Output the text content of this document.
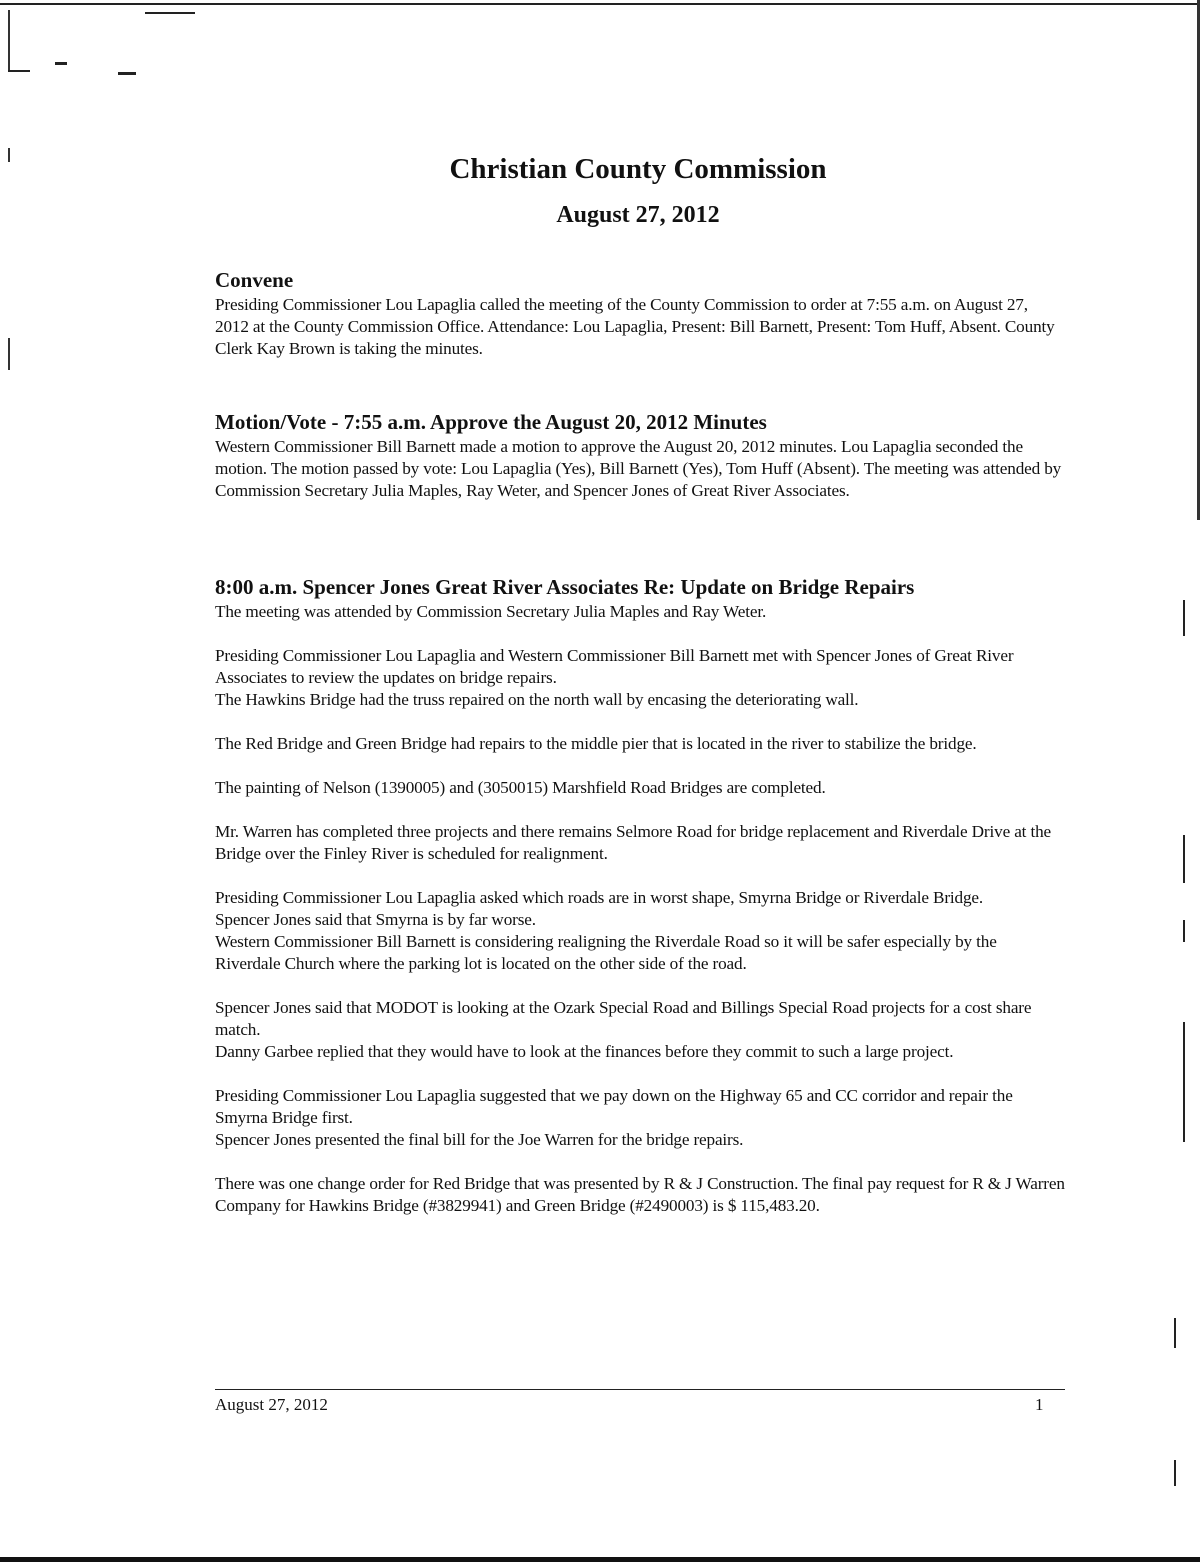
Christian County Commission

August 27, 2012

Convene

Presiding Commissioner Lou Lapaglia called the meeting of the County Commission to order at 7:55 a.m. on August 27, 2012 at the County Commission Office. Attendance: Lou Lapaglia, Present: Bill Barnett, Present: Tom Huff, Absent. County Clerk Kay Brown is taking the minutes.

Motion/Vote - 7:55 a.m. Approve the August 20, 2012 Minutes

Western Commissioner Bill Barnett made a motion to approve the August 20, 2012 minutes. Lou Lapaglia seconded the motion. The motion passed by vote: Lou Lapaglia (Yes), Bill Barnett (Yes), Tom Huff (Absent). The meeting was attended by Commission Secretary Julia Maples, Ray Weter, and Spencer Jones of Great River Associates.

8:00 a.m. Spencer Jones Great River Associates Re: Update on Bridge Repairs

The meeting was attended by Commission Secretary Julia Maples and Ray Weter.

Presiding Commissioner Lou Lapaglia and Western Commissioner Bill Barnett met with Spencer Jones of Great River Associates to review the updates on bridge repairs.

The Hawkins Bridge had the truss repaired on the north wall by encasing the deteriorating wall.

The Red Bridge and Green Bridge had repairs to the middle pier that is located in the river to stabilize the bridge.

The painting of Nelson (1390005) and (3050015) Marshfield Road Bridges are completed.

Mr. Warren has completed three projects and there remains Selmore Road for bridge replacement and Riverdale Drive at the Bridge over the Finley River is scheduled for realignment.

Presiding Commissioner Lou Lapaglia asked which roads are in worst shape, Smyrna Bridge or Riverdale Bridge.

Spencer Jones said that Smyrna is by far worse.

Western Commissioner Bill Barnett is considering realigning the Riverdale Road so it will be safer especially by the Riverdale Church where the parking lot is located on the other side of the road.

Spencer Jones said that MODOT is looking at the Ozark Special Road and Billings Special Road projects for a cost share match.

Danny Garbee replied that they would have to look at the finances before they commit to such a large project.

Presiding Commissioner Lou Lapaglia suggested that we pay down on the Highway 65 and CC corridor and repair the Smyrna Bridge first.

Spencer Jones presented the final bill for the Joe Warren for the bridge repairs.

There was one change order for Red Bridge that was presented by R & J Construction. The final pay request for R & J Warren Company for Hawkins Bridge (#3829941) and Green Bridge (#2490003) is $ 115,483.20.

August 27, 2012	1
